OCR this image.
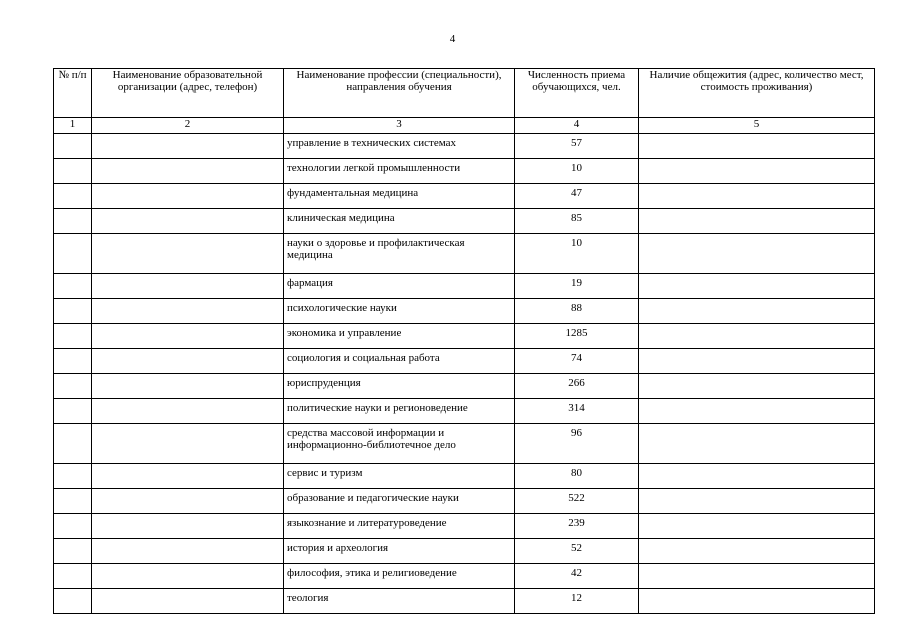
4
№ п/п	Наименование образовательной организации (адрес, телефон)	Наименование профессии (специальности), направления обучения	Численность приема обучающихся, чел.	Наличие общежития (адрес, количество мест, стоимость проживания)
1	2	3	4	5
		управление в технических системах	57	
		технологии легкой промышленности	10	
		фундаментальная медицина	47	
		клиническая медицина	85	
		науки о здоровье и профилактическая медицина	10	
		фармация	19	
		психологические науки	88	
		экономика и управление	1285	
		социология и социальная работа	74	
		юриспруденция	266	
		политические науки и регионоведение	314	
		средства массовой информации и информационно-библиотечное дело	96	
		сервис и туризм	80	
		образование и педагогические науки	522	
		языкознание и литературоведение	239	
		история и археология	52	
		философия, этика и религиоведение	42	
		теология	12	
